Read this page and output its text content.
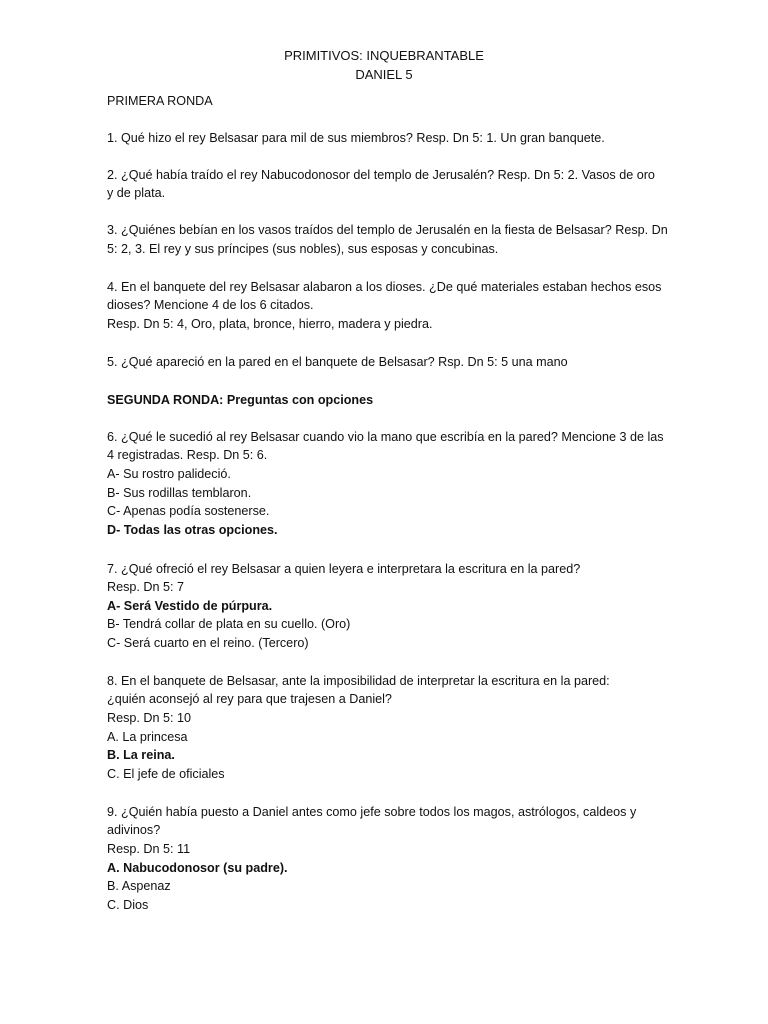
PRIMITIVOS: INQUEBRANTABLE
DANIEL 5
PRIMERA RONDA
1. Qué hizo el rey Belsasar para mil de sus miembros? Resp. Dn 5: 1. Un gran banquete.
2. ¿Qué había traído el rey Nabucodonosor del templo de Jerusalén? Resp. Dn 5: 2. Vasos de oro
y de plata.
3. ¿Quiénes bebían en los vasos traídos del templo de Jerusalén en la fiesta de Belsasar? Resp. Dn
5: 2, 3. El rey y sus príncipes (sus nobles), sus esposas y concubinas.
4. En el banquete del rey Belsasar alabaron a los dioses. ¿De qué materiales estaban hechos esos
dioses? Mencione 4 de los 6 citados.
Resp. Dn 5: 4, Oro, plata, bronce, hierro, madera y piedra.
5. ¿Qué apareció en la pared en el banquete de Belsasar? Rsp. Dn 5: 5 una mano
SEGUNDA RONDA: Preguntas con opciones
6. ¿Qué le sucedió al rey Belsasar cuando vio la mano que escribía en la pared? Mencione 3 de las
4 registradas. Resp. Dn 5: 6.
A- Su rostro palideció.
B- Sus rodillas temblaron.
C- Apenas podía sostenerse.
D- Todas las otras opciones.
7. ¿Qué ofreció el rey Belsasar a quien leyera e interpretara la escritura en la pared?
Resp. Dn 5: 7
A- Será Vestido de púrpura.
B- Tendrá collar de plata en su cuello. (Oro)
C- Será cuarto en el reino. (Tercero)
8. En el banquete de Belsasar, ante la imposibilidad de interpretar la escritura en la pared:
¿quién aconsejó al rey para que trajesen a Daniel?
Resp. Dn 5: 10
A. La princesa
B. La reina.
C. El jefe de oficiales
9. ¿Quién había puesto a Daniel antes como jefe sobre todos los magos, astrólogos, caldeos y
adivinos?
Resp. Dn 5: 11
A. Nabucodonosor (su padre).
B. Aspenaz
C. Dios
